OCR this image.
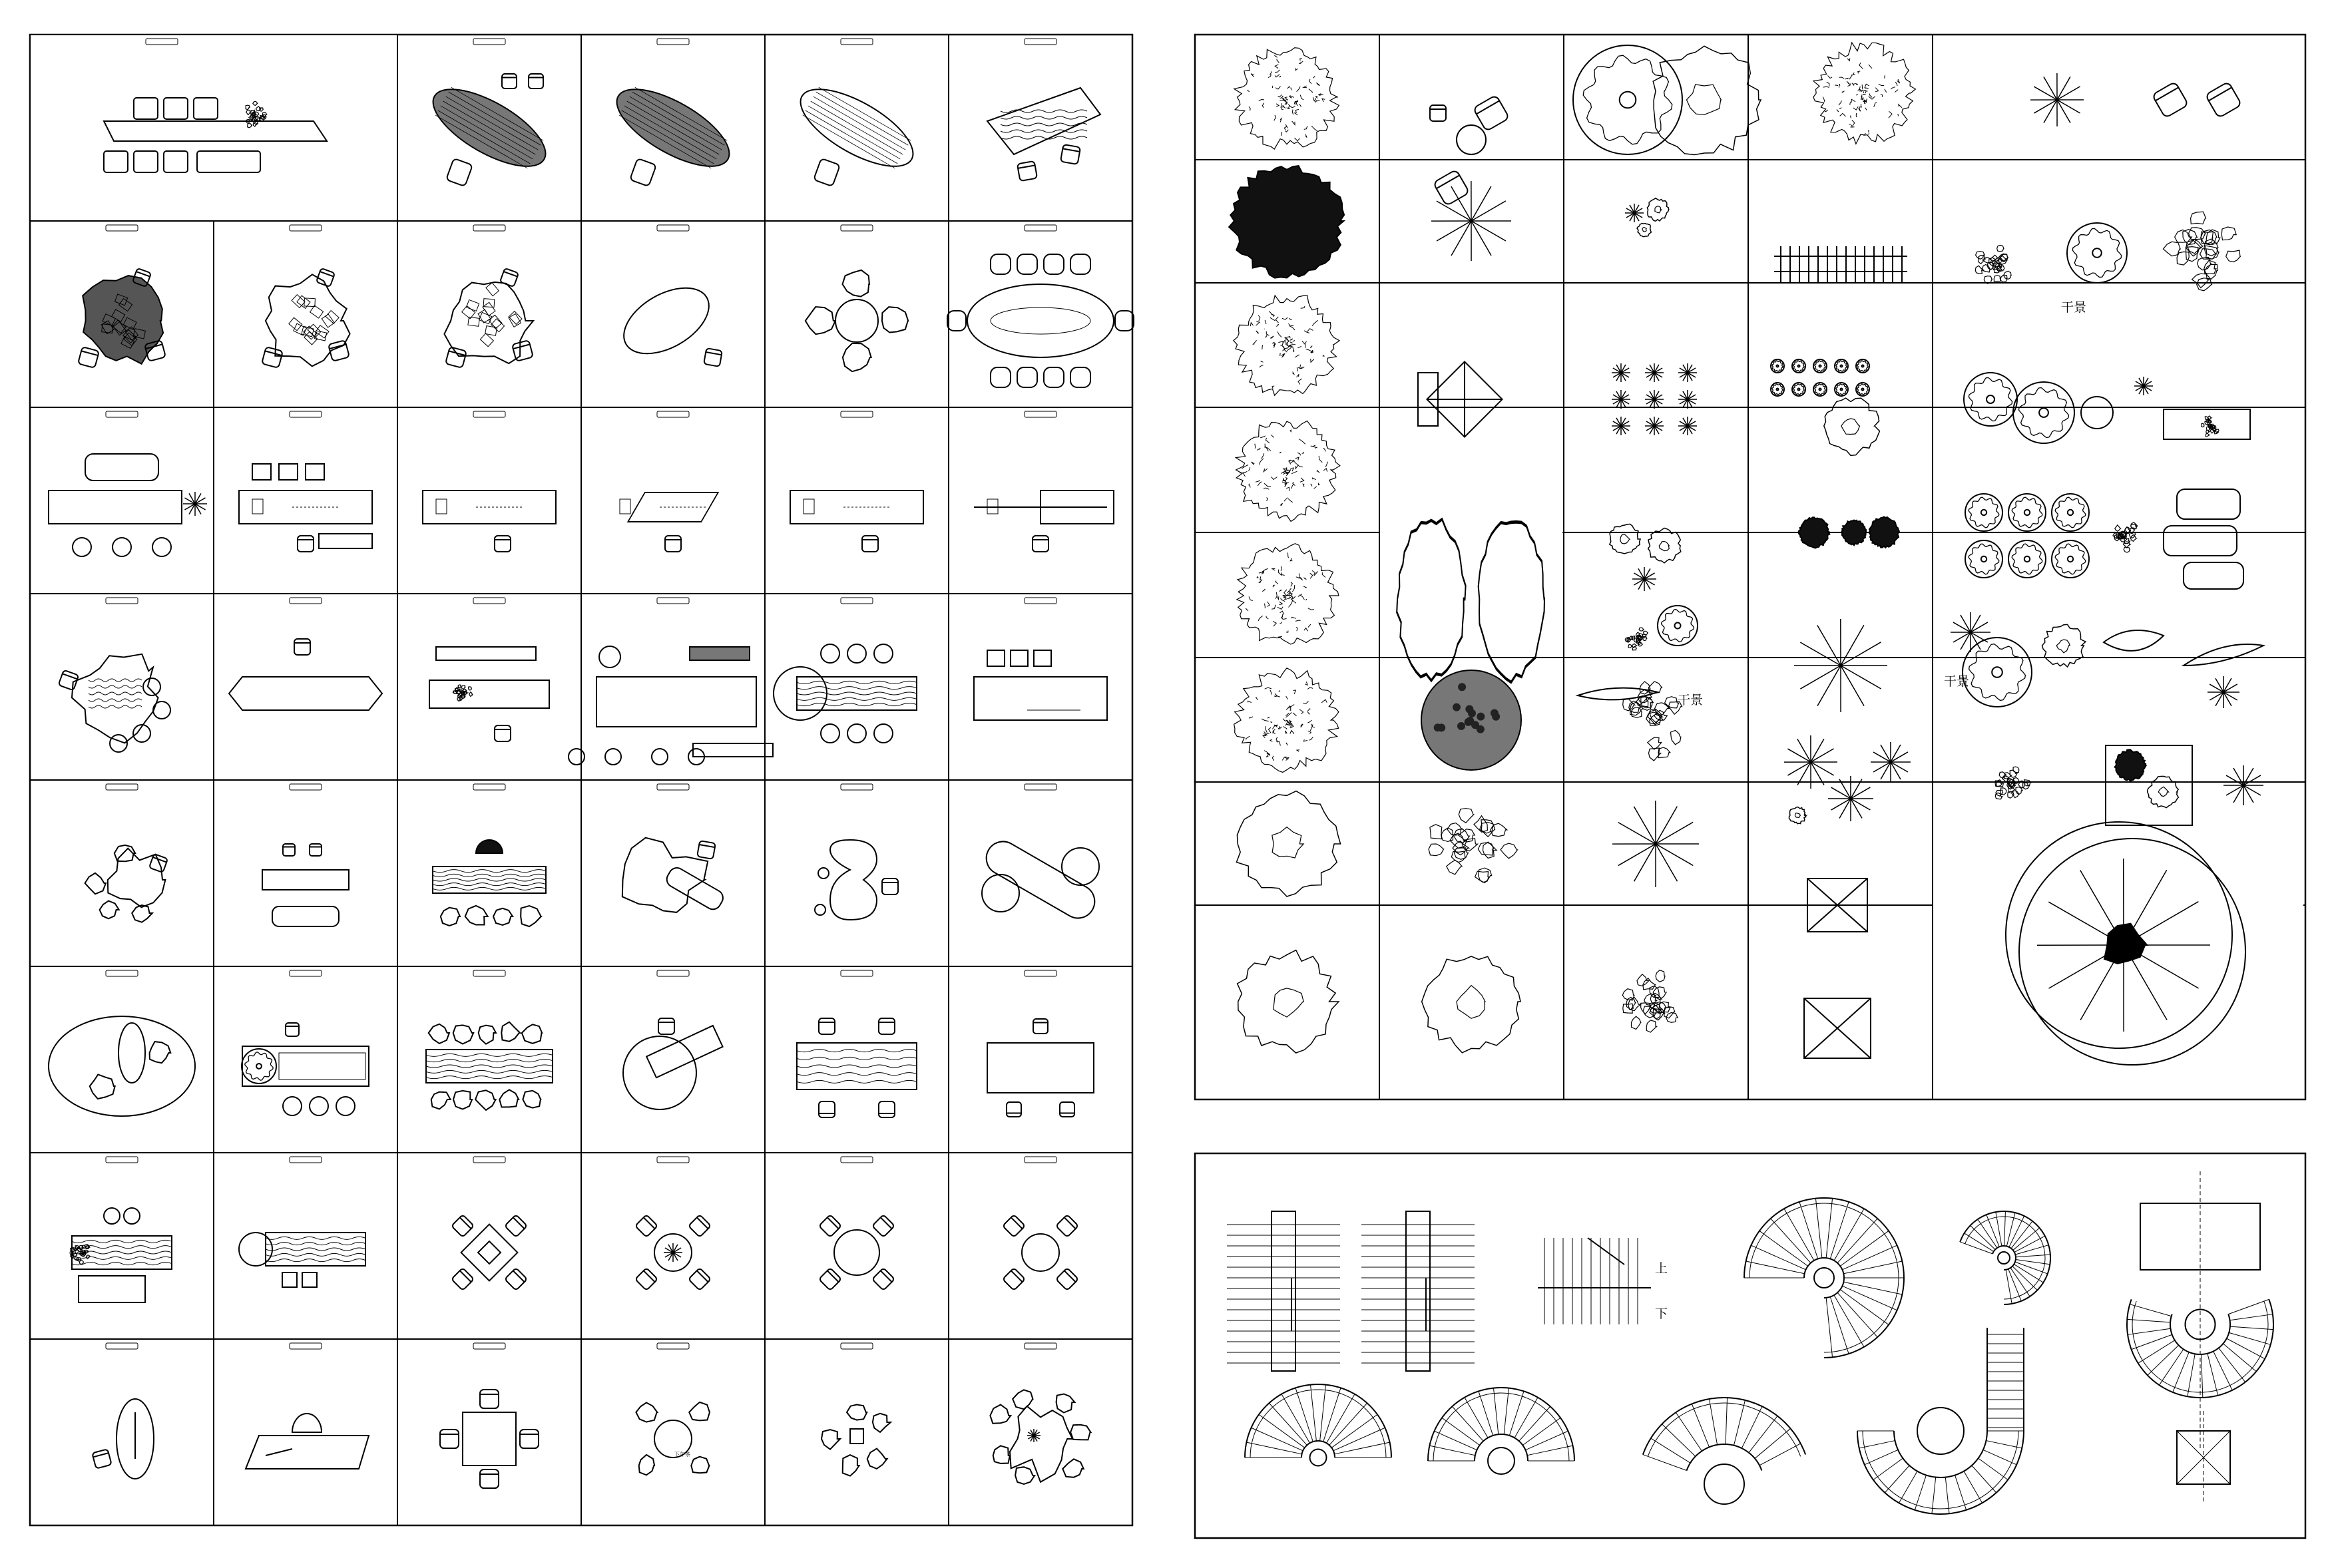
干景
干景
干景
上
下
下午茶
